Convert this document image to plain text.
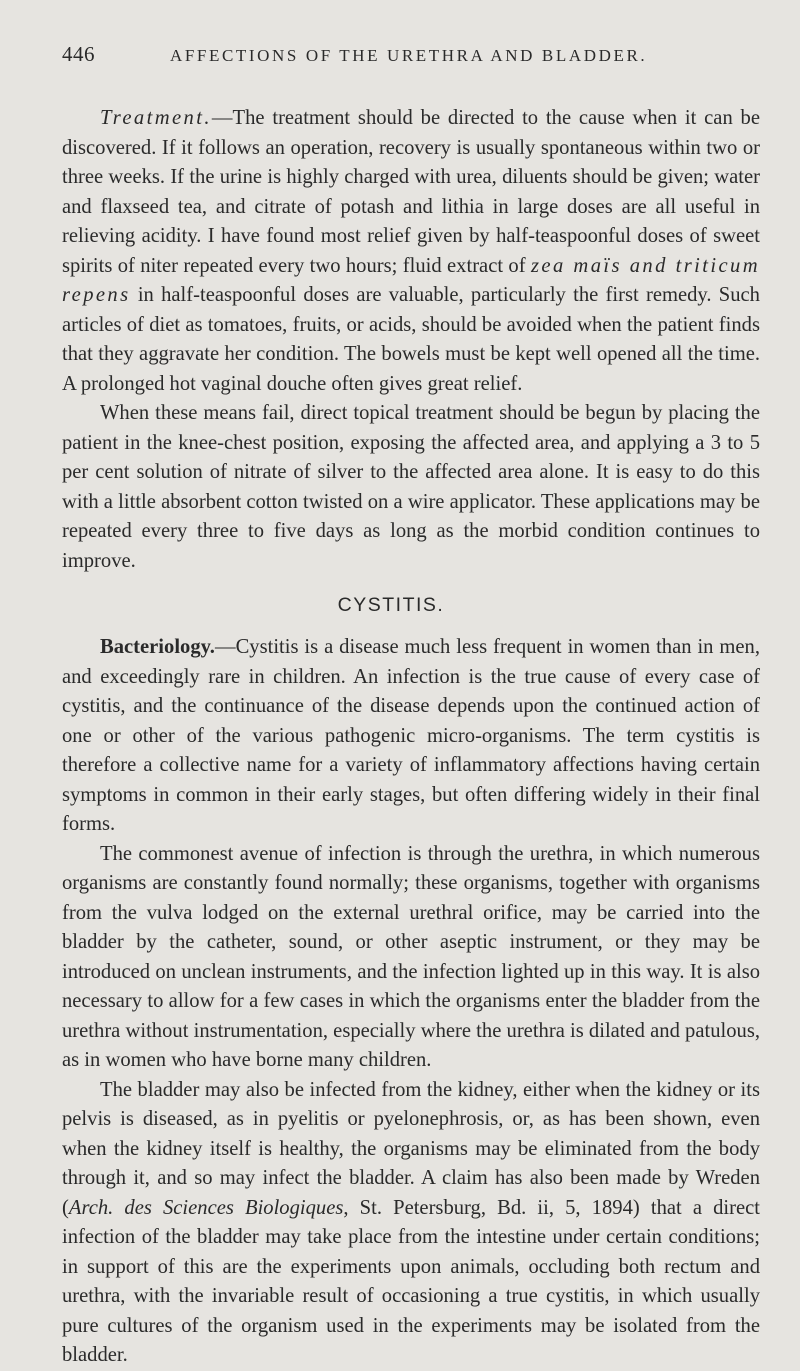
446	AFFECTIONS OF THE URETHRA AND BLADDER.

Treatment.—The treatment should be directed to the cause when it can be discovered. If it follows an operation, recovery is usually spontaneous within two or three weeks. If the urine is highly charged with urea, diluents should be given; water and flaxseed tea, and citrate of potash and lithia in large doses are all useful in relieving acidity. I have found most relief given by half-teaspoonful doses of sweet spirits of niter repeated every two hours; fluid extract of zea maïs and triticum repens in half-teaspoonful doses are valuable, particularly the first remedy. Such articles of diet as tomatoes, fruits, or acids, should be avoided when the patient finds that they aggravate her condition. The bowels must be kept well opened all the time. A prolonged hot vaginal douche often gives great relief.

When these means fail, direct topical treatment should be begun by placing the patient in the knee-chest position, exposing the affected area, and applying a 3 to 5 per cent solution of nitrate of silver to the affected area alone. It is easy to do this with a little absorbent cotton twisted on a wire applicator. These applications may be repeated every three to five days as long as the morbid condition continues to improve.

CYSTITIS.

Bacteriology.—Cystitis is a disease much less frequent in women than in men, and exceedingly rare in children. An infection is the true cause of every case of cystitis, and the continuance of the disease depends upon the continued action of one or other of the various pathogenic micro-organisms. The term cystitis is therefore a collective name for a variety of inflammatory affections having certain symptoms in common in their early stages, but often differing widely in their final forms.

The commonest avenue of infection is through the urethra, in which numerous organisms are constantly found normally; these organisms, together with organisms from the vulva lodged on the external urethral orifice, may be carried into the bladder by the catheter, sound, or other aseptic instrument, or they may be introduced on unclean instruments, and the infection lighted up in this way. It is also necessary to allow for a few cases in which the organisms enter the bladder from the urethra without instrumentation, especially where the urethra is dilated and patulous, as in women who have borne many children.

The bladder may also be infected from the kidney, either when the kidney or its pelvis is diseased, as in pyelitis or pyelonephrosis, or, as has been shown, even when the kidney itself is healthy, the organisms may be eliminated from the body through it, and so may infect the bladder. A claim has also been made by Wreden (Arch. des Sciences Biologiques, St. Petersburg, Bd. ii, 5, 1894) that a direct infection of the bladder may take place from the intestine under certain conditions; in support of this are the experiments upon animals, occluding both rectum and urethra, with the invariable result of occasioning a true cystitis, in which usually pure cultures of the organism used in the experiments may be isolated from the bladder.
